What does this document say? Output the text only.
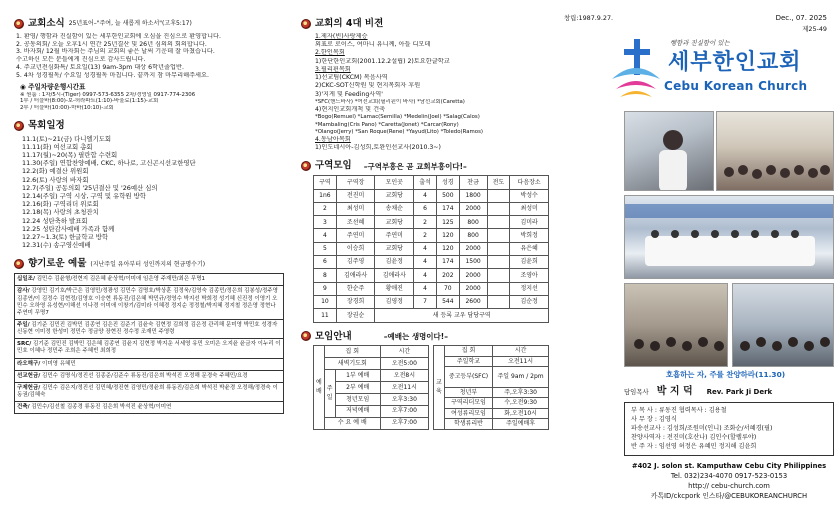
교회소식 25년표어–"주여, 늘 새롭게 하소서"(고후5:17)
1. 환영/ 행함과 진실함이 있는 세부한인교회에 오심을 진심으로 환영합니다.
2. 공동의회/ 오늘 오후1시 연간 25년결산 및 26년 심의의 회의합니다.
3. 바자회/ 12월 바자회는 주님의 교회의 좋은 날써 기운데 잘 마쳤습니다.
수고하신 모든 분들에게 진심으로 감사드립니다.
4. 주교년전심화특/ 토요일(13) 9am-3pm 대상 6학년졸업반.
5. 4차 성경필독/ 수요일 성경필독 마칩니다. 끝까지 참 마무리해주세요.
◉ 주일차량운행시간표
※ 원룸 : 1차/5시-(Tiger) 0997-573-6355 2차/경영일 0917-774-2306
1부 / 터블바(8:00)-보-허라파트(1:10)-바울료(1:15)-교회
2부 / 터블바(10:00)-마바(10:10)-교회
목회일정
11.1(토)~21(금) 다니엘기도회
11.11(화) 여선교회 총회
11.17(월)~20(목) 필란합 수련회
11.30(주일) 연합찬양예배, CKC, 하나로, 고신곤시선교한영단
12.2(화) 예결산 위원회
12.6(토) 사랑의 바자회
12.7(주일) 공동의회 '25년결산 및 '26예산 심의
12.14(주일) 구역 시상, 구역 및 유학원 방학
12.16(화) 구역리더 위로회
12.18(목) 사랑의 초청잔치
12.24 성탄축하 발표회
12.25 성탄감사예배 가족과 함께
12.27~1.3(토) 한글학교 방학
12.31(수) 송구영신예배
향기로운 예물 (지난주일 유아부터 성인까지의 현금명수기)
십일조/ 김민수 김윤형/전현지 김은혜 윤상혁/이미애 임은영 주재만/최은 무명1
감사/ 강영민 김기호/박근은 김영민/정광성 김민수 김명호/박상훈 김정욱/김영숙 김종민/정은희 김봉성/정주영 김종연/이 김정수 김현정/김영호 이승현 류동진/김은혜 박민규/정영수 박지선 박희정 성기혜 신진정 이영기 오민수 오하영 유성현/이해선 이나경 이미애 이창기/김미라 이혜경 정지순 정정철/박지혜 정지철 정은영 정현나 주연미 무명7
주일/ 김기준 김민진 김박민 김종연 김은진 김준기 김윤숙 김현정 김희정 김은정 관리해 문미영 박민호 성경자 신동현 이미정 한성미 정민수 정금양 장현진 정수정 조재민 주영령
SRC/ 김기준 김민진 김박민 김은혜 김종연 김윤지 김현정 박지운 서세영 유민 오미은 오지윤 윤금자 이누리 이민호 이혜나 정민주 조희은 주혜빈 최희정
라오해구/ 이미영 유혜민
선교헌금/ 김민수 김명식/정진선 김종준/김준수 류동진/김은희 박석진 오정해 문경숙 주혜민/요경
구제헌금/ 김민수 김은지/정진선 김민혜/정진현 김영민/정윤희 류동진/김은희 박석진 박윤경 오정해/정경숙 이동권/김혜숙
건축/ 김민수/김선철 김종경 류동진 김은희 박석진 윤상혁/이미연
교회의 4대 비젼
1.제자(빈)사랑제승
외표로 로이스, 여마니 유니께, 아들 디모데
2.한인목회
1)한단한인교회(2001.12.2설립) 2)토요한글학교
3.필리핀목회
1)선교팀(CKCM) 복음사역
2)CKC-SOT신학원 및 현지목회자 후원
3)'지게 및 Feeding사역'
*SFC(핸드바사) *여선교회(필리핀이 바사) *남선교회(Caretta)
4)현지인교회개척 및 건축
*Bogo(Remuel) *Lamac(Semilla) *Medelin(Joel) *Salag(Calos)
*Mambaling(Cris Pano) *Caretta(Jonet) *Carcar(Rony)
*Olango(Jerry) *San Roque(Rene) *Yayud(Lito) *Toledo(Ramos)
4.동남아목회
1)인도네시아-김성희,토완인선교사(2010.3~)
구역모임 –구역부흥은 곧 교회부흥이다!–
구역	구역장	모인곳	출석	성경	찬금	전도	다음장소
1n6	전진미	교회당	4	500	1800		박성수
2	최성미	송채순	6	174	2000		최성미
3	조선혜	교회당	2	125	800		김미라
4	주연미	주연미	2	120	800		박희정
5	이승희	교회당	4	120	2000		유은혜
6	김주영	김윤정	4	174	1500		김윤희
8	김애라사	김애라사	4	202	2000		조영아
9	한순주	황애진	4	70	2000		정지선
10	장경희	김영정	7	544	2600		김순정
11	장권순	새 등록 교우 담당구역					
모임안내	–예배는 생명이다!–
예배	집 회		시간
	새벽기도회		오전5:00
	주일	1부 예배	오전8시
		2부 예배	오전11시
		청년모임	오후3:30
		저녁예배	오후7:00
	수 요 예 배		오후7:00
교육	집 회	시간
	주일학교	오전11시
	중고등부(SFC)	주일 9am / 2pm
	청년부	주,오후3:30
	구역리더모임	수,오전9:30
	여성류리모임	화,오전10시
	학생류리반	주일예배후
창립:1987.9.27.	Dec., 07. 2025
제25-49
행함과 진실함이 있는
세부한인교회
Cebu Korean Church
호흡하는 자, 주를 찬양하라(11.30)
담임목사 박 지 덕 Rev. Park Ji Derk
부 목 사 : 류동진 협력목사 : 김용철
사 무 장 : 김영식
파송선교사 : 김성희/조원미(인니) 조화순/서혜경(필)
찬양사역자 : 전진미(호산나) 김인수(할렐루야)
반 주 자 : 임선영 허정은 유혜민 정지해 김윤희
#402 J. solon st. Kamputhaw Cebu City Philippines
Tel. 032)234-4070 0917-523-0153
http:// cebu-church.com
카톡ID/ckcpork 인스타/@CEBUKOREANCHURCH
